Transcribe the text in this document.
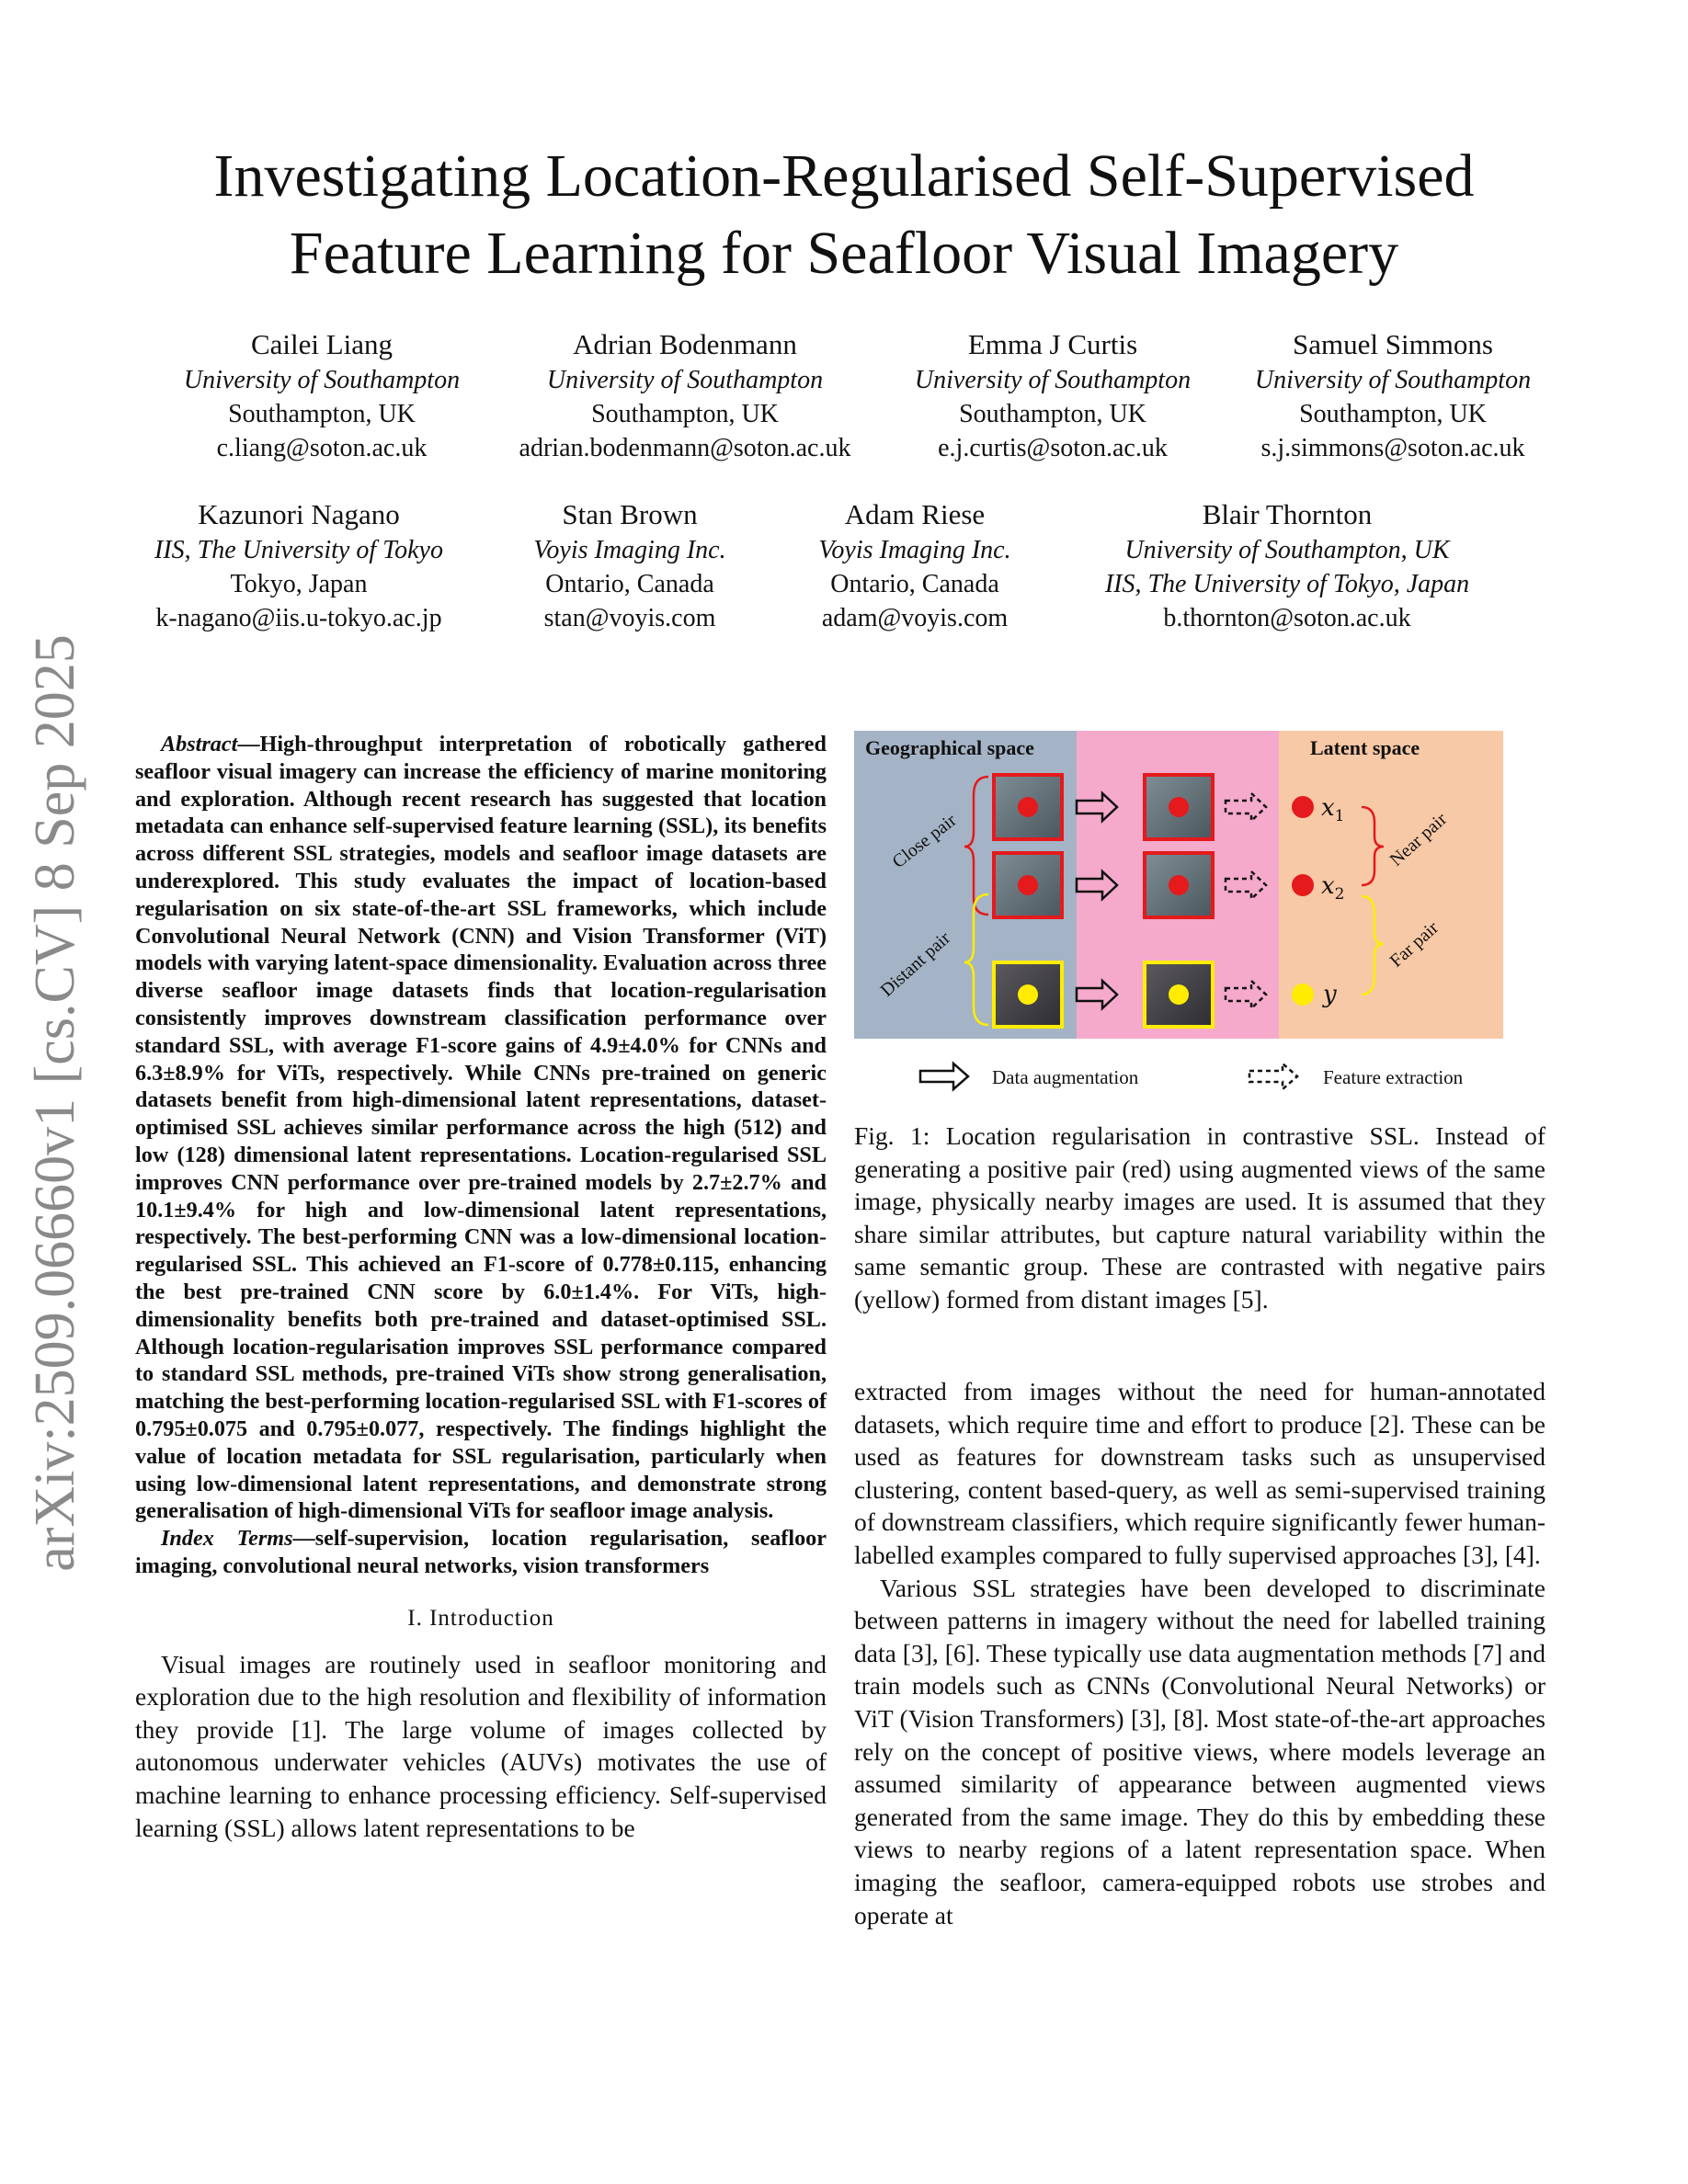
Investigating Location-Regularised Self-Supervised
Feature Learning for Seafloor Visual Imagery
Cailei Liang
University of Southampton
Southampton, UK
c.liang@soton.ac.uk
Adrian Bodenmann
University of Southampton
Southampton, UK
adrian.bodenmann@soton.ac.uk
Emma J Curtis
University of Southampton
Southampton, UK
e.j.curtis@soton.ac.uk
Samuel Simmons
University of Southampton
Southampton, UK
s.j.simmons@soton.ac.uk
Kazunori Nagano
IIS, The University of Tokyo
Tokyo, Japan
k-nagano@iis.u-tokyo.ac.jp
Stan Brown
Voyis Imaging Inc.
Ontario, Canada
stan@voyis.com
Adam Riese
Voyis Imaging Inc.
Ontario, Canada
adam@voyis.com
Blair Thornton
University of Southampton, UK
IIS, The University of Tokyo, Japan
b.thornton@soton.ac.uk
arXiv:2509.06660v1 [cs.CV] 8 Sep 2025	Abstract—High-throughput interpretation of robotically gathered seafloor visual imagery can increase the efficiency of marine monitoring and exploration. Although recent research has suggested that location metadata can enhance self-supervised feature learning (SSL), its benefits across different SSL strategies, models and seafloor image datasets are underexplored. This study evaluates the impact of location-based regularisation on six state-of-the-art SSL frameworks, which include Convolutional Neural Network (CNN) and Vision Transformer (ViT) models with varying latent-space dimensionality. Evaluation across three diverse seafloor image datasets finds that location-regularisation consistently improves downstream classification performance over standard SSL, with average F1-score gains of 4.9±4.0% for CNNs and 6.3±8.9% for ViTs, respectively. While CNNs pre-trained on generic datasets benefit from high-dimensional latent representations, dataset-optimised SSL achieves similar performance across the high (512) and low (128) dimensional latent representations. Location-regularised SSL improves CNN performance over pre-trained models by 2.7±2.7% and 10.1±9.4% for high and low-dimensional latent representations, respectively. The best-performing CNN was a low-dimensional location-regularised SSL. This achieved an F1-score of 0.778±0.115, enhancing the best pre-trained CNN score by 6.0±1.4%. For ViTs, high-dimensionality benefits both pre-trained and dataset-optimised SSL. Although location-regularisation improves SSL performance compared to standard SSL methods, pre-trained ViTs show strong generalisation, matching the best-performing location-regularised SSL with F1-scores of 0.795±0.075 and 0.795±0.077, respectively. The findings highlight the value of location metadata for SSL regularisation, particularly when using low-dimensional latent representations, and demonstrate strong generalisation of high-dimensional ViTs for seafloor image analysis.

Index Terms—self-supervision, location regularisation, seafloor imaging, convolutional neural networks, vision transformers

I. Introduction

Visual images are routinely used in seafloor monitoring and exploration due to the high resolution and flexibility of information they provide [1]. The large volume of images collected by autonomous underwater vehicles (AUVs) motivates the use of machine learning to enhance processing efficiency. Self-supervised learning (SSL) allows latent representations to be

Geographical space	Latent space
Close pair
Distant pair
$x_1$
$x_2$
y
Near pair
Far pair
Data augmentation	Feature extraction

Fig. 1: Location regularisation in contrastive SSL. Instead of generating a positive pair (red) using augmented views of the same image, physically nearby images are used. It is assumed that they share similar attributes, but capture natural variability within the same semantic group. These are contrasted with negative pairs (yellow) formed from distant images [5].

extracted from images without the need for human-annotated datasets, which require time and effort to produce [2]. These can be used as features for downstream tasks such as unsupervised clustering, content based-query, as well as semi-supervised training of downstream classifiers, which require significantly fewer human-labelled examples compared to fully supervised approaches [3], [4].

Various SSL strategies have been developed to discriminate between patterns in imagery without the need for labelled training data [3], [6]. These typically use data augmentation methods [7] and train models such as CNNs (Convolutional Neural Networks) or ViT (Vision Transformers) [3], [8]. Most state-of-the-art approaches rely on the concept of positive views, where models leverage an assumed similarity of appearance between augmented views generated from the same image. They do this by embedding these views to nearby regions of a latent representation space. When imaging the seafloor, camera-equipped robots use strobes and operate at
